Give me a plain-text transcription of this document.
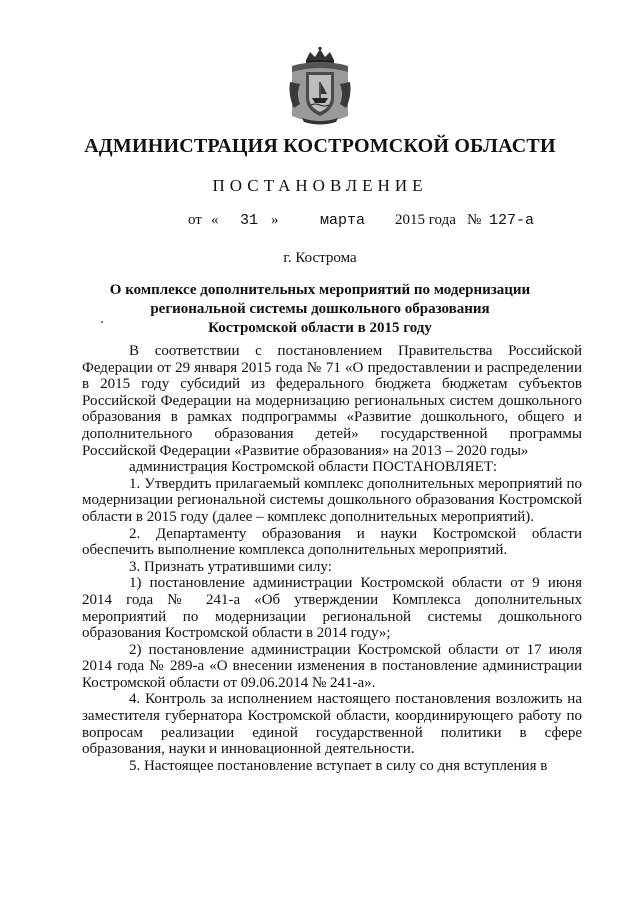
АДМИНИСТРАЦИЯ КОСТРОМСКОЙ ОБЛАСТИ
ПОСТАНОВЛЕНИЕ
от « 31 »	марта 2015 года № 127-а
г. Кострома
О комплексе дополнительных мероприятий по модернизации
региональной системы дошкольного образования
Костромской области в 2015 году

В соответствии с постановлением Правительства Российской Федерации от 29 января 2015 года № 71 «О предоставлении и распределении в 2015 году субсидий из федерального бюджета бюджетам субъектов Российской Федерации на модернизацию региональных систем дошкольного образования в рамках подпрограммы «Развитие дошкольного, общего и дополнительного образования детей» государственной программы Российской Федерации «Развитие образования» на 2013 – 2020 годы»

администрация Костромской области ПОСТАНОВЛЯЕТ:

1. Утвердить прилагаемый комплекс дополнительных мероприятий по модернизации региональной системы дошкольного образования Костромской области в 2015 году (далее – комплекс дополнительных мероприятий).

2. Департаменту образования и науки Костромской области обеспечить выполнение комплекса дополнительных мероприятий.

3. Признать утратившими силу:

1) постановление администрации Костромской области от 9 июня 2014 года № 241-а «Об утверждении Комплекса дополнительных мероприятий по модернизации региональной системы дошкольного образования Костромской области в 2014 году»;

2) постановление администрации Костромской области от 17 июля 2014 года № 289-а «О внесении изменения в постановление администрации Костромской области от 09.06.2014 № 241-а».

4. Контроль за исполнением настоящего постановления возложить на заместителя губернатора Костромской области, координирующего работу по вопросам реализации единой государственной политики в сфере образования, науки и инновационной деятельности.

5. Настоящее постановление вступает в силу со дня вступления в
